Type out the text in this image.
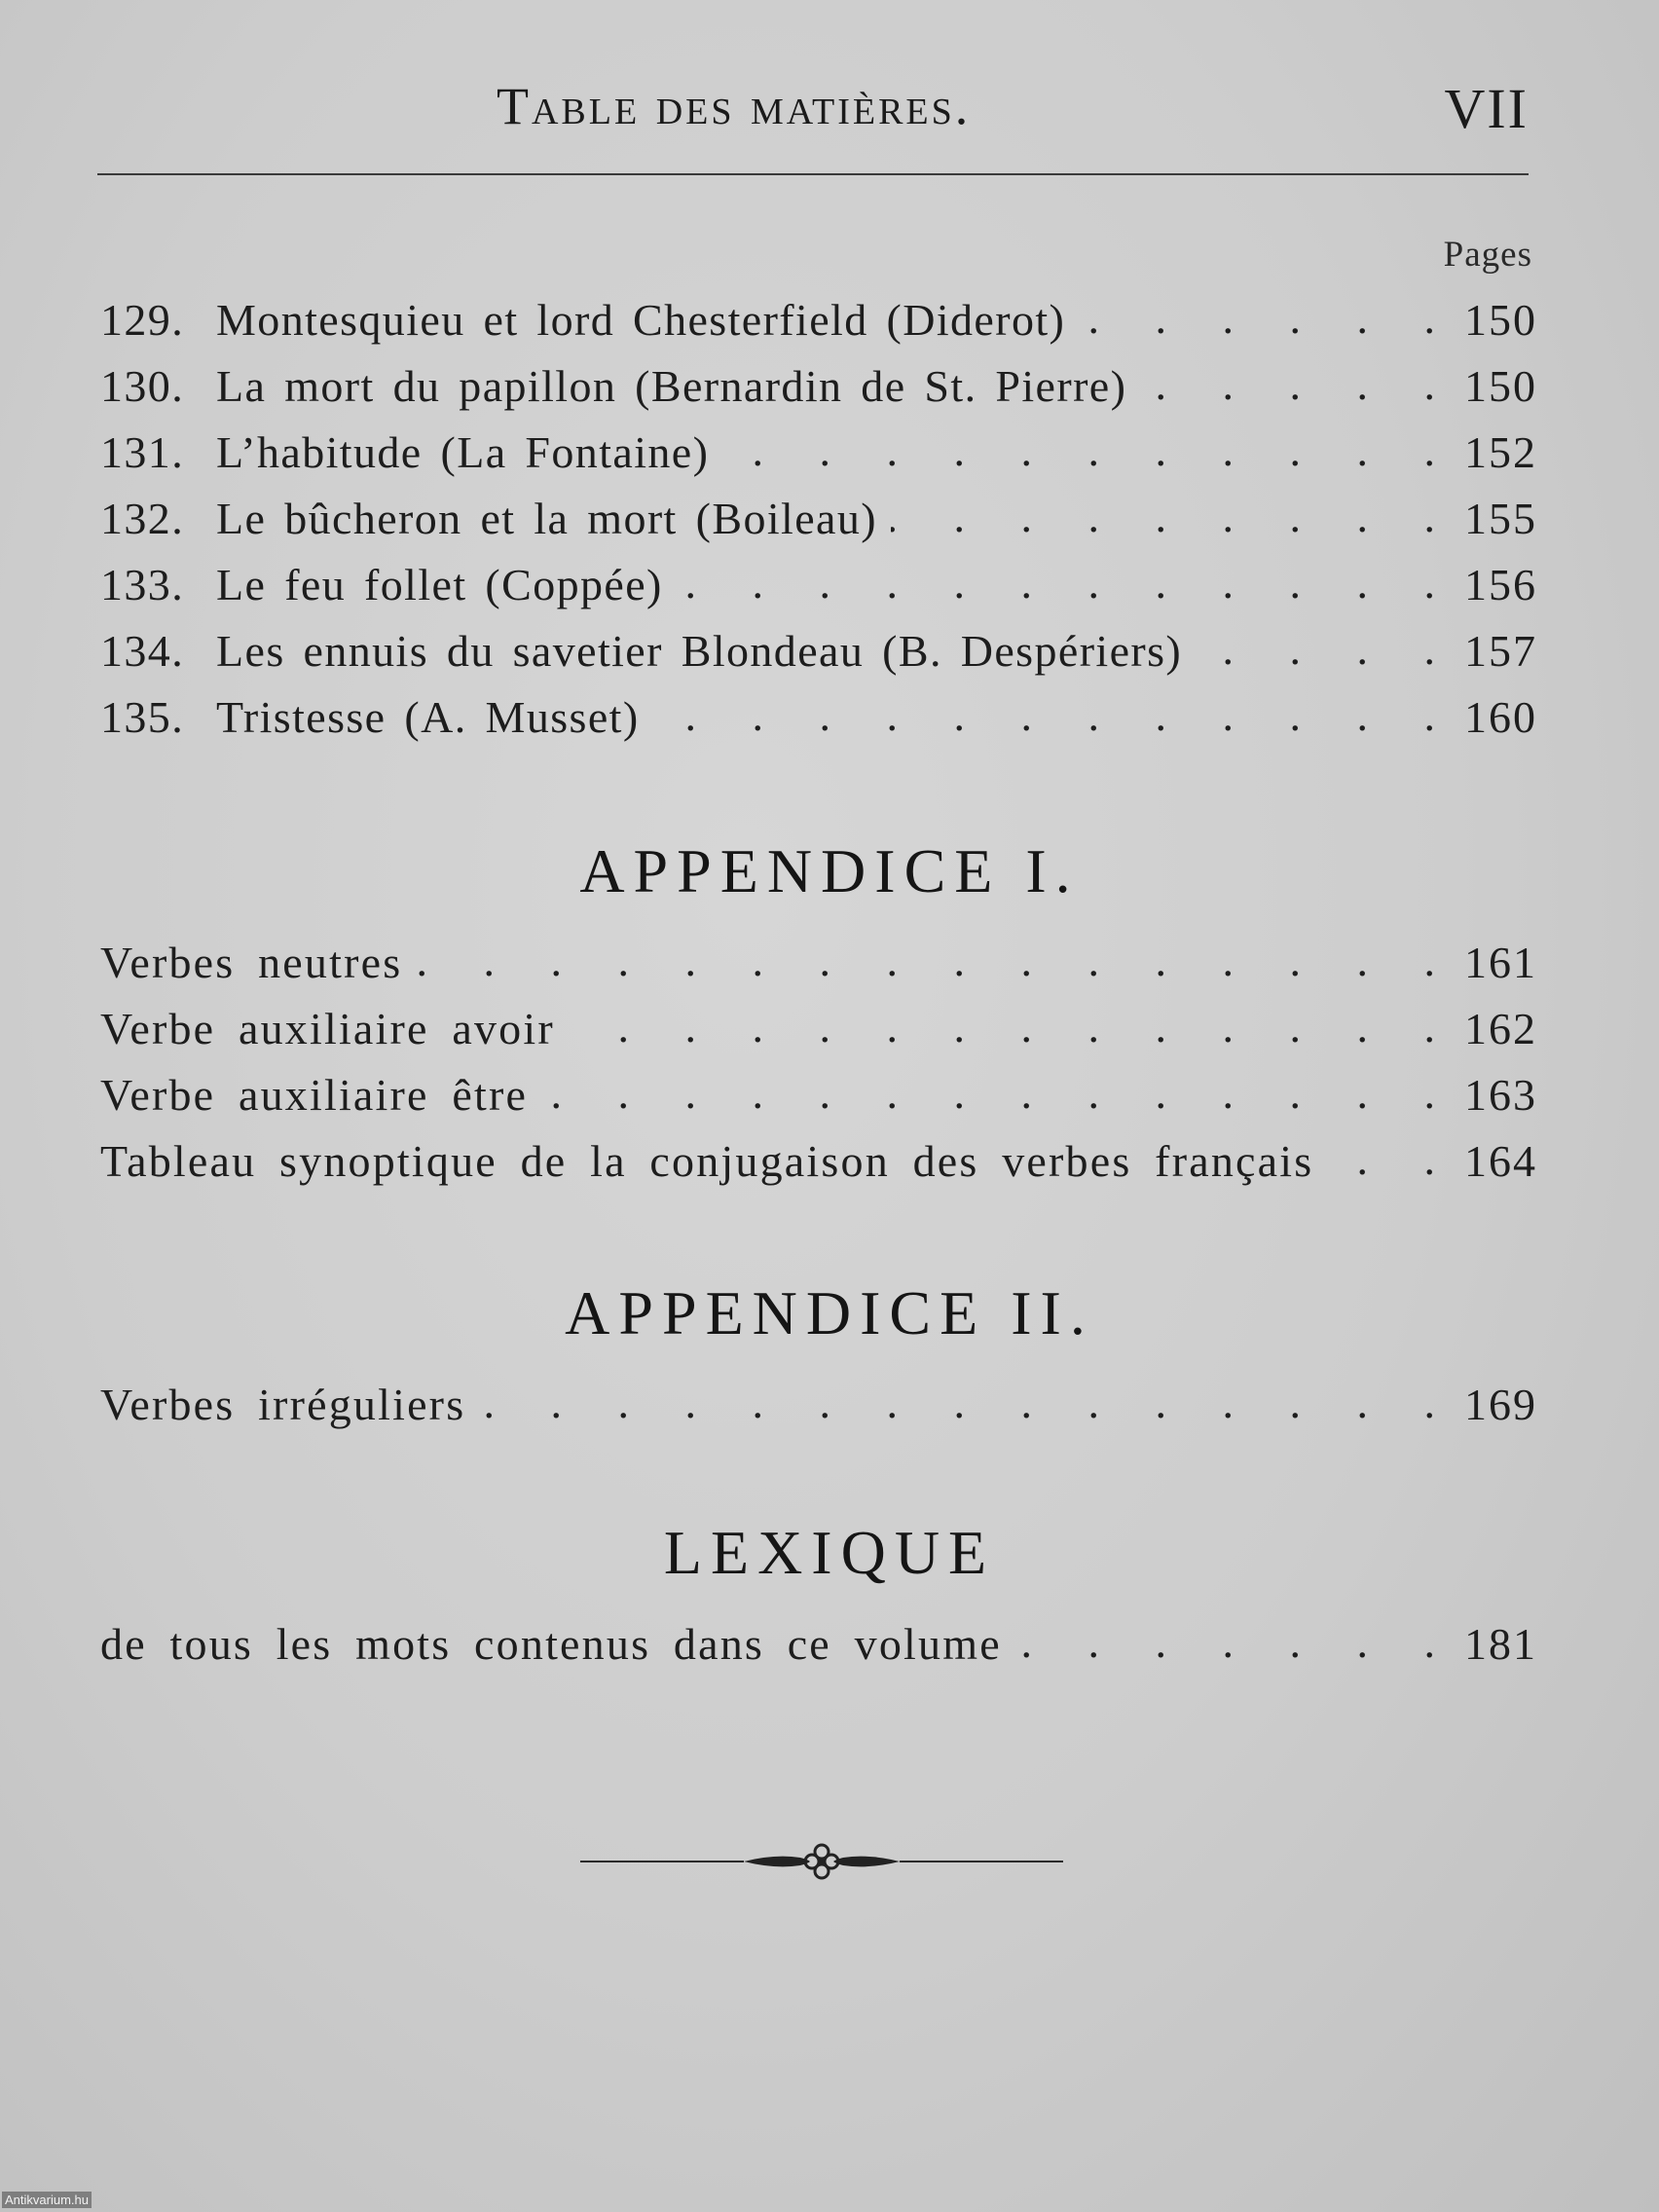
Table des matières.	VII
Pages
129. Montesquieu et lord Chesterfield (Diderot) . . .	150
130. La mort du papillon (Bernardin de St. Pierre) . . .	150
131. L’habitude (La Fontaine) . . .	152
132. Le bûcheron et la mort (Boileau) . . .	155
133. Le feu follet (Coppée) . . .	156
134. Les ennuis du savetier Blondeau (B. Despériers) . . .	157
135. Tristesse (A. Musset) . . .	160
APPENDICE I.
Verbes neutres . . .	161
Verbe auxiliaire avoir . . .	162
Verbe auxiliaire être . . .	163
Tableau synoptique de la conjugaison des verbes français . . .	164
APPENDICE II.
Verbes irréguliers . . .	169
LEXIQUE
de tous les mots contenus dans ce volume . . .	181
Antikvarium.hu
